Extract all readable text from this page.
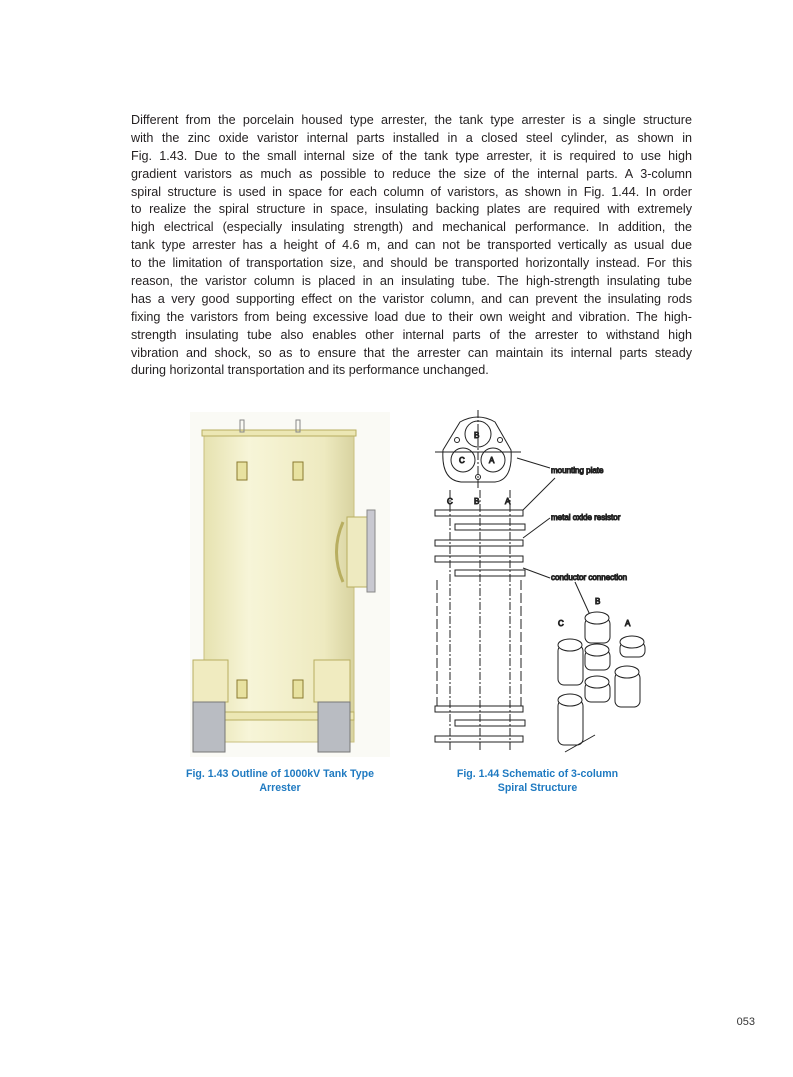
Different from the porcelain housed type arrester, the tank type arrester is a single structure
with the zinc oxide varistor internal parts installed in a closed steel cylinder, as shown in
Fig. 1.43. Due to the small internal size of the tank type arrester, it is required to use high
gradient varistors as much as possible to reduce the size of the internal parts. A 3-column
spiral structure is used in space for each column of varistors, as shown in Fig. 1.44. In order
to realize the spiral structure in space, insulating backing plates are required with extremely
high electrical (especially insulating strength) and mechanical performance. In addition, the
tank type arrester has a height of 4.6 m, and can not be transported vertically as usual due
to the limitation of transportation size, and should be transported horizontally instead. For this
reason, the varistor column is placed in an insulating tube. The high-strength insulating tube
has a very good supporting effect on the varistor column, and can prevent the insulating rods
fixing the varistors from being excessive load due to their own weight and vibration. The high-
strength insulating tube also enables other internal parts of the arrester to withstand high
vibration and shock, so as to ensure that the arrester can maintain its internal parts steady
during horizontal transportation and its performance unchanged.
Fig. 1.43 Outline of 1000kV Tank Type
Arrester
B
C	A
mounting plate
C	B	A
metal oxide resistor
conductor connection
B
C	A
Fig. 1.44 Schematic of 3-column
Spiral Structure
053
